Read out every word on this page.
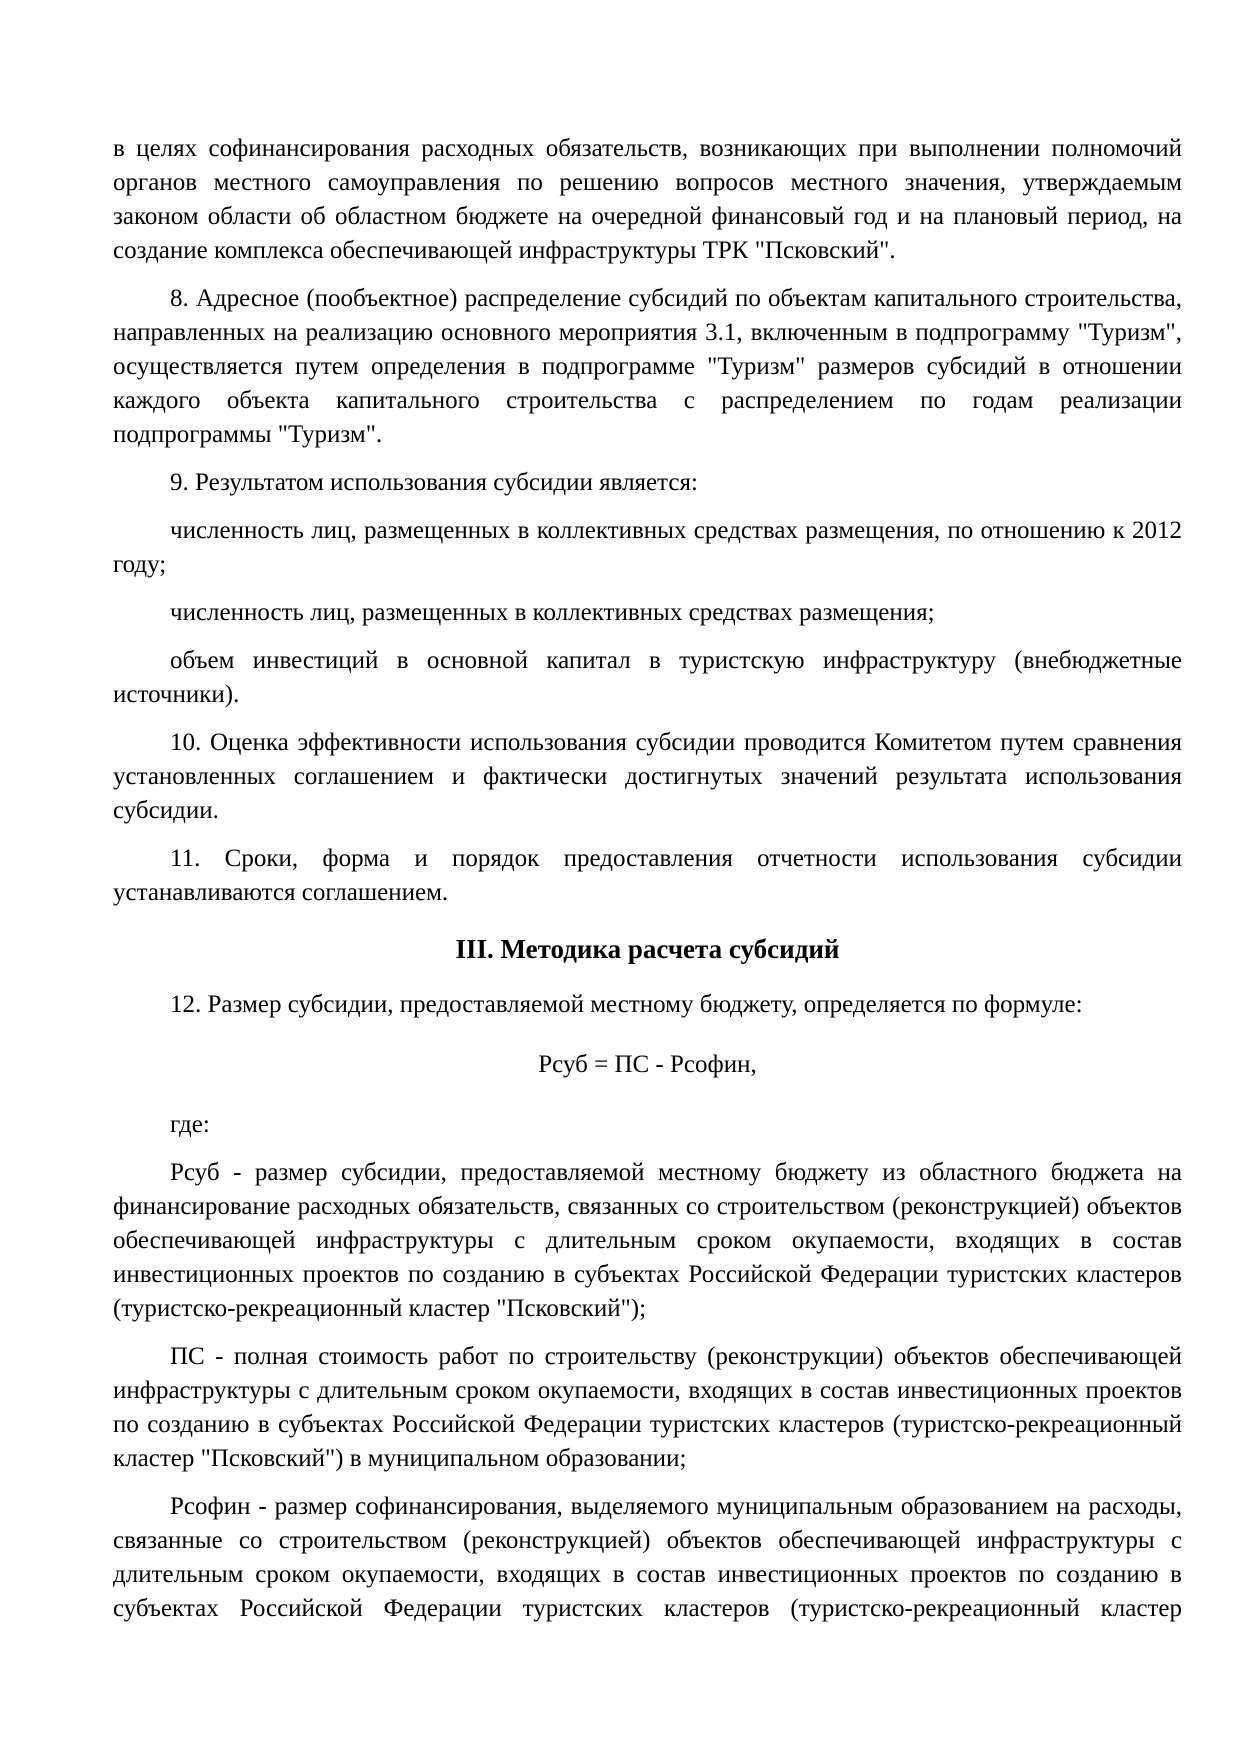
в целях софинансирования расходных обязательств, возникающих при выполнении полномочий органов местного самоуправления по решению вопросов местного значения, утверждаемым законом области об областном бюджете на очередной финансовый год и на плановый период, на создание комплекса обеспечивающей инфраструктуры ТРК "Псковский".

8. Адресное (пообъектное) распределение субсидий по объектам капитального строительства, направленных на реализацию основного мероприятия 3.1, включенным в подпрограмму "Туризм", осуществляется путем определения в подпрограмме "Туризм" размеров субсидий в отношении каждого объекта капитального строительства с распределением по годам реализации подпрограммы "Туризм".

9. Результатом использования субсидии является:

численность лиц, размещенных в коллективных средствах размещения, по отношению к 2012 году;

численность лиц, размещенных в коллективных средствах размещения;

объем инвестиций в основной капитал в туристскую инфраструктуру (внебюджетные источники).

10. Оценка эффективности использования субсидии проводится Комитетом путем сравнения установленных соглашением и фактически достигнутых значений результата использования субсидии.

11. Сроки, форма и порядок предоставления отчетности использования субсидии устанавливаются соглашением.

III. Методика расчета субсидий

12. Размер субсидии, предоставляемой местному бюджету, определяется по формуле:

Рсуб = ПС - Рсофин,

где:

Рсуб - размер субсидии, предоставляемой местному бюджету из областного бюджета на финансирование расходных обязательств, связанных со строительством (реконструкцией) объектов обеспечивающей инфраструктуры с длительным сроком окупаемости, входящих в состав инвестиционных проектов по созданию в субъектах Российской Федерации туристских кластеров (туристско-рекреационный кластер "Псковский");

ПС - полная стоимость работ по строительству (реконструкции) объектов обеспечивающей инфраструктуры с длительным сроком окупаемости, входящих в состав инвестиционных проектов по созданию в субъектах Российской Федерации туристских кластеров (туристско-рекреационный кластер "Псковский") в муниципальном образовании;

Рсофин - размер софинансирования, выделяемого муниципальным образованием на расходы, связанные со строительством (реконструкцией) объектов обеспечивающей инфраструктуры с длительным сроком окупаемости, входящих в состав инвестиционных проектов по созданию в субъектах Российской Федерации туристских кластеров (туристско-рекреационный кластер
